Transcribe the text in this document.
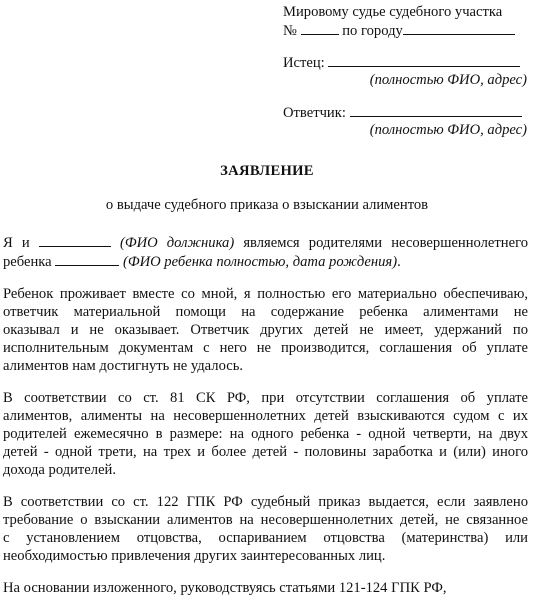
Мировому судье судебного участка
№	по городу
Истец:
(полностью ФИО, адрес)
Ответчик:
(полностью ФИО, адрес)
ЗАЯВЛЕНИЕ
о выдаче судебного приказа о взыскании алиментов
Я и	(ФИО должника) являемся родителями несовершеннолетнего
ребенка	(ФИО ребенка полностью, дата рождения).
Ребенок проживает вместе со мной, я полностью его материально обеспечиваю,
ответчик материальной помощи на содержание ребенка алиментами не
оказывал и не оказывает. Ответчик других детей не имеет, удержаний по
исполнительным документам с него не производится, соглашения об уплате
алиментов нам достигнуть не удалось.
В соответствии со ст. 81 СК РФ, при отсутствии соглашения об уплате
алиментов, алименты на несовершеннолетних детей взыскиваются судом с их
родителей ежемесячно в размере: на одного ребенка - одной четверти, на двух
детей - одной трети, на трех и более детей - половины заработка и (или) иного
дохода родителей.
В соответствии со ст. 122 ГПК РФ судебный приказ выдается, если заявлено
требование о взыскании алиментов на несовершеннолетних детей, не связанное
с установлением отцовства, оспариванием отцовства (материнства) или
необходимостью привлечения других заинтересованных лиц.
На основании изложенного, руководствуясь статьями 121-124 ГПК РФ,
